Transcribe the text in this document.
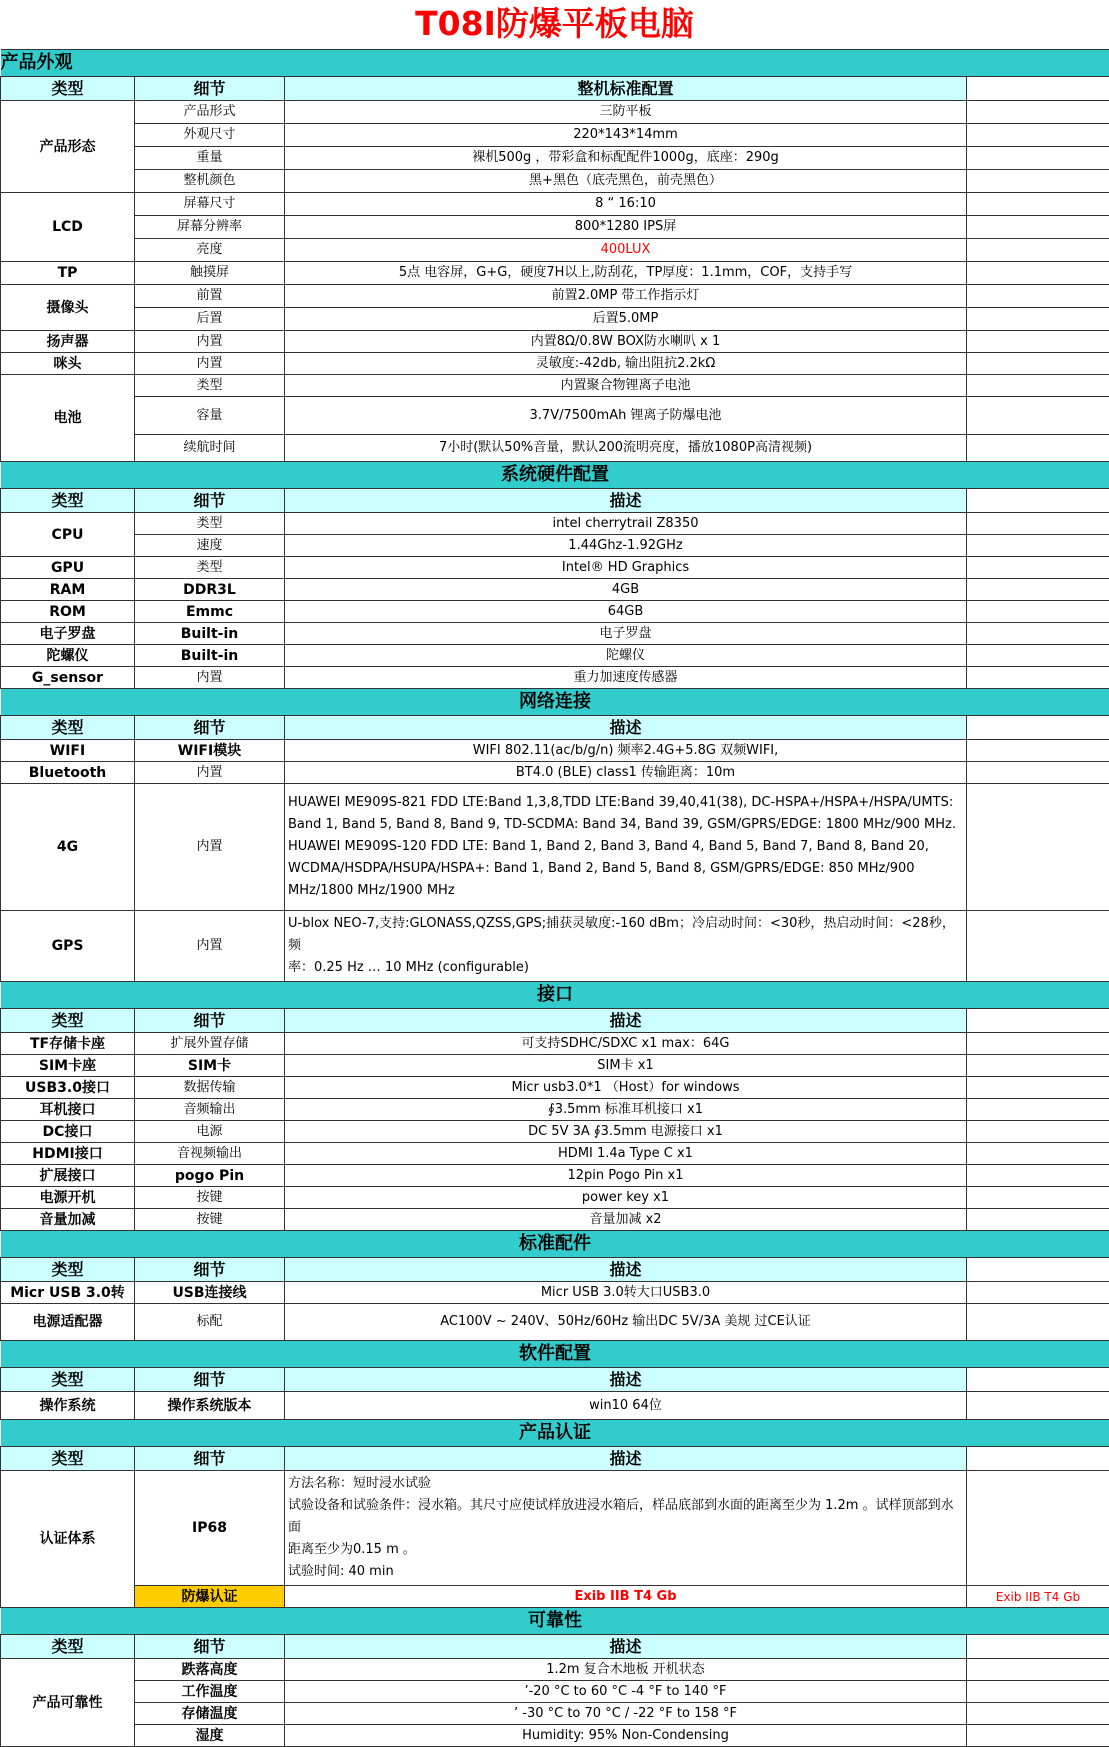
T08I防爆平板电脑
产品外观			
类型	细节	整机标准配置	
产品形态	产品形式	三防平板	
	外观尺寸	220*143*14mm	
	重量	裸机500g ，带彩盒和标配配件1000g，底座：290g	
	整机颜色	黑+黑色（底壳黑色，前壳黑色）	
LCD	屏幕尺寸	8 “ 16:10	
	屏幕分辨率	800*1280 IPS屏	
	亮度	400LUX	
TP	触摸屏	5点 电容屏，G+G，硬度7H以上,防刮花，TP厚度：1.1mm，COF，支持手写	
摄像头	前置	前置2.0MP 带工作指示灯	
	后置	后置5.0MP	
扬声器	内置	内置8Ω/0.8W BOX防水喇叭 x 1	
咪头	内置	灵敏度:-42db, 输出阻抗2.2kΩ	
电池	类型	内置聚合物锂离子电池	
	容量	3.7V/7500mAh 锂离子防爆电池	
	续航时间	7小时(默认50%音量，默认200流明亮度，播放1080P高清视频)	
系统硬件配置			
类型	细节	描述	
CPU	类型	intel cherrytrail Z8350	
	速度	1.44Ghz-1.92GHz	
GPU	类型	Intel® HD Graphics	
RAM	DDR3L	4GB	
ROM	Emmc	64GB	
电子罗盘	Built-in	电子罗盘	
陀螺仪	Built-in	陀螺仪	
G_sensor	内置	重力加速度传感器	
网络连接			
类型	细节	描述	
WIFI	WIFI模块	WIFI 802.11(ac/b/g/n) 频率2.4G+5.8G 双频WIFI,	
Bluetooth	内置	BT4.0 (BLE) class1 传输距离：10m	
4G	内置	HUAWEI ME909S-821 FDD LTE:Band 1,3,8,TDD LTE:Band 39,40,41(38), DC-HSPA+/HSPA+/HSPA/UMTS:
Band 1, Band 5, Band 8, Band 9, TD-SCDMA: Band 34, Band 39, GSM/GPRS/EDGE: 1800 MHz/900 MHz.
HUAWEI ME909S-120 FDD LTE: Band 1, Band 2, Band 3, Band 4, Band 5, Band 7, Band 8, Band 20,
WCDMA/HSDPA/HSUPA/HSPA+: Band 1, Band 2, Band 5, Band 8, GSM/GPRS/EDGE: 850 MHz/900
MHz/1800 MHz/1900 MHz	

GPS	内置	U-blox NEO-7,支持:GLONASS,QZSS,GPS;捕获灵敏度:-160 dBm；冷启动时间：<30秒，热启动时间：<28秒，频
率：0.25 Hz … 10 MHz (configurable)	

接口			
类型	细节	描述	
TF存储卡座	扩展外置存储	可支持SDHC/SDXC x1 max：64G	
SIM卡座	SIM卡	SIM卡 x1	
USB3.0接口	数据传输	Micr usb3.0*1 （Host）for windows	
耳机接口	音频输出	∮3.5mm 标准耳机接口 x1	
DC接口	电源	DC 5V 3A ∮3.5mm 电源接口 x1	
HDMI接口	音视频输出	HDMI 1.4a Type C x1	
扩展接口	pogo Pin	12pin Pogo Pin x1	
电源开机	按键	power key x1	
音量加减	按键	音量加减 x2	
标准配件			
类型	细节	描述	
Micr USB 3.0转	USB连接线	Micr USB 3.0转大口USB3.0	
电源适配器	标配	AC100V ~ 240V、50Hz/60Hz 输出DC 5V/3A 美规 过CE认证	
软件配置			
类型	细节	描述	
操作系统	操作系统版本	win10 64位	
产品认证			
类型	细节	描述	
认证体系	IP68	方法名称：短时浸水试验
试验设备和试验条件：浸水箱。其尺寸应使试样放进浸水箱后，样品底部到水面的距离至少为 1.2m 。试样顶部到水面
距离至少为0.15 m 。
试验时间: 40 min	

	防爆认证	Exib IIB T4 Gb	Exib IIB T4 Gb
可靠性			
类型	细节	描述	
产品可靠性	跌落高度	1.2m 复合木地板 开机状态	
	工作温度	’-20 °C to 60 °C -4 °F to 140 °F	
	存储温度	’ -30 °C to 70 °C / -22 °F to 158 °F	
	湿度	Humidity: 95% Non-Condensing	
